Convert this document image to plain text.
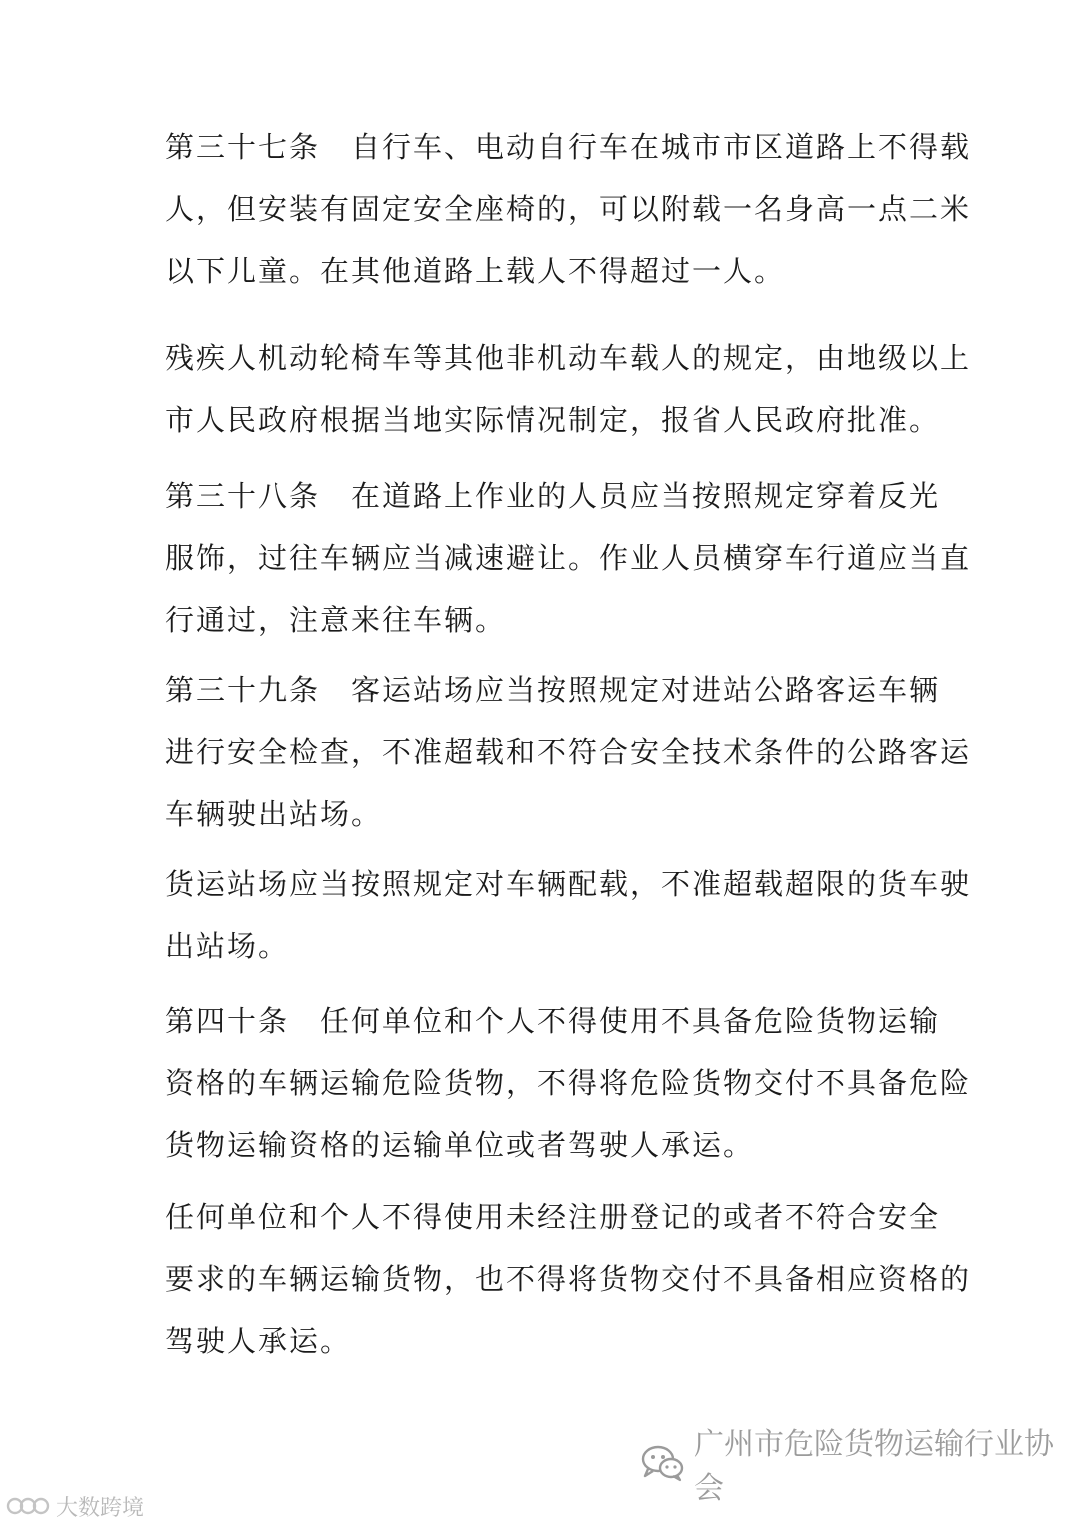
第三十七条　自行车、电动自行车在城市市区道路上不得载
人，但安装有固定安全座椅的，可以附载一名身高一点二米
以下儿童。在其他道路上载人不得超过一人。
残疾人机动轮椅车等其他非机动车载人的规定，由地级以上
市人民政府根据当地实际情况制定，报省人民政府批准。
第三十八条　在道路上作业的人员应当按照规定穿着反光
服饰，过往车辆应当减速避让。作业人员横穿车行道应当直
行通过，注意来往车辆。
第三十九条　客运站场应当按照规定对进站公路客运车辆
进行安全检查，不准超载和不符合安全技术条件的公路客运
车辆驶出站场。
货运站场应当按照规定对车辆配载，不准超载超限的货车驶
出站场。
第四十条　任何单位和个人不得使用不具备危险货物运输
资格的车辆运输危险货物，不得将危险货物交付不具备危险
货物运输资格的运输单位或者驾驶人承运。
任何单位和个人不得使用未经注册登记的或者不符合安全
要求的车辆运输货物，也不得将货物交付不具备相应资格的
驾驶人承运。
广州市危险货物运输行业协会
大数跨境
